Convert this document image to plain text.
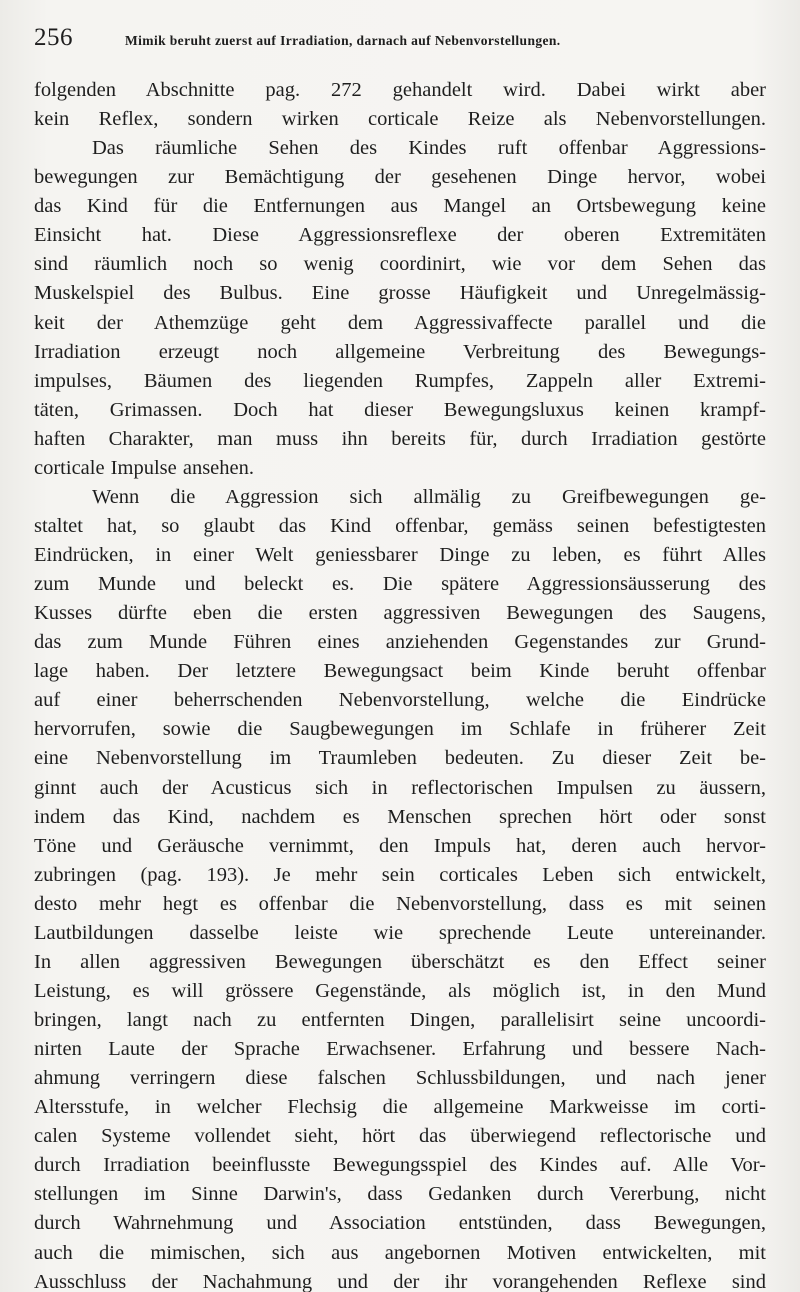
256	Mimik beruht zuerst auf Irradiation, darnach auf Nebenvorstellungen.
folgenden Abschnitte pag. 272 gehandelt wird. Dabei wirkt aber
kein Reflex, sondern wirken corticale Reize als Nebenvorstellungen.
Das räumliche Sehen des Kindes ruft offenbar Aggressions-
bewegungen zur Bemächtigung der gesehenen Dinge hervor, wobei
das Kind für die Entfernungen aus Mangel an Ortsbewegung keine
Einsicht hat. Diese Aggressionsreflexe der oberen Extremitäten
sind räumlich noch so wenig coordinirt, wie vor dem Sehen das
Muskelspiel des Bulbus. Eine grosse Häufigkeit und Unregelmässig-
keit der Athemzüge geht dem Aggressivaffecte parallel und die
Irradiation erzeugt noch allgemeine Verbreitung des Bewegungs-
impulses, Bäumen des liegenden Rumpfes, Zappeln aller Extremi-
täten, Grimassen. Doch hat dieser Bewegungsluxus keinen krampf-
haften Charakter, man muss ihn bereits für, durch Irradiation gestörte
corticale Impulse ansehen.
Wenn die Aggression sich allmälig zu Greifbewegungen ge-
staltet hat, so glaubt das Kind offenbar, gemäss seinen befestigtesten
Eindrücken, in einer Welt geniessbarer Dinge zu leben, es führt Alles
zum Munde und beleckt es. Die spätere Aggressionsäusserung des
Kusses dürfte eben die ersten aggressiven Bewegungen des Saugens,
das zum Munde Führen eines anziehenden Gegenstandes zur Grund-
lage haben. Der letztere Bewegungsact beim Kinde beruht offenbar
auf einer beherrschenden Nebenvorstellung, welche die Eindrücke
hervorrufen, sowie die Saugbewegungen im Schlafe in früherer Zeit
eine Nebenvorstellung im Traumleben bedeuten. Zu dieser Zeit be-
ginnt auch der Acusticus sich in reflectorischen Impulsen zu äussern,
indem das Kind, nachdem es Menschen sprechen hört oder sonst
Töne und Geräusche vernimmt, den Impuls hat, deren auch hervor-
zubringen (pag. 193). Je mehr sein corticales Leben sich entwickelt,
desto mehr hegt es offenbar die Nebenvorstellung, dass es mit seinen
Lautbildungen dasselbe leiste wie sprechende Leute untereinander.
In allen aggressiven Bewegungen überschätzt es den Effect seiner
Leistung, es will grössere Gegenstände, als möglich ist, in den Mund
bringen, langt nach zu entfernten Dingen, parallelisirt seine uncoordi-
nirten Laute der Sprache Erwachsener. Erfahrung und bessere Nach-
ahmung verringern diese falschen Schlussbildungen, und nach jener
Altersstufe, in welcher Flechsig die allgemeine Markweisse im corti-
calen Systeme vollendet sieht, hört das überwiegend reflectorische und
durch Irradiation beeinflusste Bewegungsspiel des Kindes auf. Alle Vor-
stellungen im Sinne Darwin's, dass Gedanken durch Vererbung, nicht
durch Wahrnehmung und Association entstünden, dass Bewegungen,
auch die mimischen, sich aus angebornen Motiven entwickelten, mit
Ausschluss der Nachahmung und der ihr vorangehenden Reflexe sind
